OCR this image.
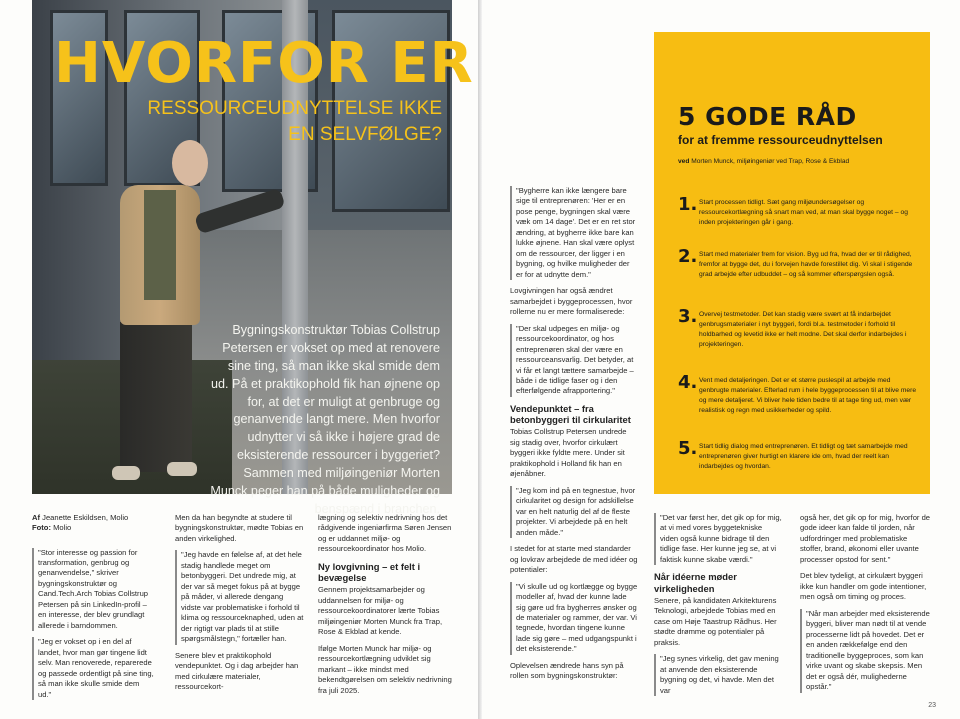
HVORFOR ER
RESSOURCEUDNYTTELSE IKKE EN SELVFØLGE?
Bygningskonstruktør Tobias Collstrup Petersen er vokset op med at renovere sine ting, så man ikke skal smide dem ud. På et praktikophold fik han øjnene op for, at det er muligt at genbruge og genanvende langt mere. Men hvorfor udnytter vi så ikke i højere grad de eksisterende ressourcer i byggeriet? Sammen med miljøingeniør Morten Munck peger han på både muligheder og benspænd i branchen.
Af Jeanette Eskildsen, Molio
Foto: Molio

"Stor interesse og passion for transformation, genbrug og genanvendelse," skriver bygningskonstruktør og Cand.Tech.Arch Tobias Collstrup Petersen på sin LinkedIn-profil – en interesse, der blev grundlagt allerede i barndommen.

"Jeg er vokset op i en del af landet, hvor man gør tingene lidt selv. Man renoverede, reparerede og passede ordentligt på sine ting, så man ikke skulle smide dem ud."

Men da han begyndte at studere til bygningskonstruktør, mødte Tobias en anden virkelighed.

"Jeg havde en følelse af, at det hele stadig handlede meget om betonbyggeri. Det undrede mig, at der var så meget fokus på at bygge på måder, vi allerede dengang vidste var problematiske i forhold til klima og ressourceknaphed, uden at der rigtigt var plads til at stille spørgsmålstegn," fortæller han.

Senere blev et praktikophold vendepunktet. Og i dag arbejder han med cirkulære materialer, ressourcekort-

lægning og selektiv nedrivning hos det rådgivende ingeniørfirma Søren Jensen og er uddannet miljø- og ressourcekoordinator hos Molio.

Ny lovgivning – et felt i bevægelse

Gennem projektsamarbejder og uddannelsen for miljø- og ressourcekoordinatorer lærte Tobias miljøingeniør Morten Munck fra Trap, Rose & Ekblad at kende.

Ifølge Morten Munck har miljø- og ressourcekortlægning udviklet sig markant – ikke mindst med bekendtgørelsen om selektiv nedrivning fra juli 2025.

"Bygherre kan ikke længere bare sige til entreprenøren: 'Her er en pose penge, bygningen skal være væk om 14 dage'. Det er en ret stor ændring, at bygherre ikke bare kan lukke øjnene. Han skal være oplyst om de ressourcer, der ligger i en bygning, og hvilke muligheder der er for at udnytte dem."

Lovgivningen har også ændret samarbejdet i byggeprocessen, hvor rollerne nu er mere formaliserede:

"Der skal udpeges en miljø- og ressourcekoordinator, og hos entreprenøren skal der være en ressourceansvarlig. Det betyder, at vi får et langt tættere samarbejde – både i de tidlige faser og i den efterfølgende afrapportering."

Vendepunktet – fra betonbyggeri til cirkularitet

Tobias Collstrup Petersen undrede sig stadig over, hvorfor cirkulært byggeri ikke fyldte mere. Under sit praktikophold i Holland fik han en øjenåbner.

"Jeg kom ind på en tegnestue, hvor cirkularitet og design for adskillelse var en helt naturlig del af de fleste projekter. Vi arbejdede på en helt anden måde."

I stedet for at starte med standarder og lovkrav arbejdede de med idéer og potentialer:

"Vi skulle ud og kortlægge og bygge modeller af, hvad der kunne lade sig gøre ud fra bygherres ønsker og de materialer og rammer, der var. Vi tegnede, hvordan tingene kunne lade sig gøre – med udgangspunkt i det eksisterende."

Oplevelsen ændrede hans syn på rollen som bygningskonstruktør:

5 GODE RÅD
for at fremme ressourceudnyttelsen
ved Morten Munck, miljøingeniør ved Trap, Rose & Ekblad
1. Start processen tidligt. Sæt gang miljøundersøgelser og ressourcekortlægning så snart man ved, at man skal bygge noget – og inden projekteringen går i gang.
2. Start med materialer frem for vision. Byg ud fra, hvad der er til rådighed, fremfor at bygge det, du i forvejen havde forestillet dig. Vi skal i stigende grad arbejde efter udbuddet – og så kommer efterspørgslen også.
3. Overvej testmetoder. Det kan stadig være svært at få indarbejdet genbrugsmaterialer i nyt byggeri, fordi bl.a. testmetoder i forhold til holdbarhed og levetid ikke er helt modne. Det skal derfor indarbejdes i projekteringen.
4. Vent med detaljeringen. Det er et større puslespil at arbejde med genbrugte materialer. Efterlad rum i hele byggeprocessen til at blive mere og mere detaljeret. Vi bliver hele tiden bedre til at tage ting ud, men vær realistisk og regn med usikkerheder og spild.
5. Start tidlig dialog med entreprenøren. Et tidligt og tæt samarbejde med entreprenøren giver hurtigt en klarere ide om, hvad der reelt kan indarbejdes og hvordan.

"Det var først her, det gik op for mig, at vi med vores byggetekniske viden også kunne bidrage til den tidlige fase. Her kunne jeg se, at vi faktisk kunne skabe værdi."

Når idéerne møder virkeligheden

Senere, på kandidaten Arkitekturens Teknologi, arbejdede Tobias med en case om Høje Taastrup Rådhus. Her stødte drømme og potentialer på praksis.

"Jeg synes virkelig, det gav mening at anvende den eksisterende bygning og det, vi havde. Men det var

også her, det gik op for mig, hvorfor de gode ideer kan falde til jorden, når udfordringer med problematiske stoffer, brand, økonomi eller uvante processer opstod for sent."

Det blev tydeligt, at cirkulært byggeri ikke kun handler om gode intentioner, men også om timing og proces.

"Når man arbejder med eksisterende byggeri, bliver man nødt til at vende processerne lidt på hovedet. Det er en anden rækkefølge end den traditionelle byggeproces, som kan virke uvant og skabe skepsis. Men det er også dér, mulighederne opstår."

23
